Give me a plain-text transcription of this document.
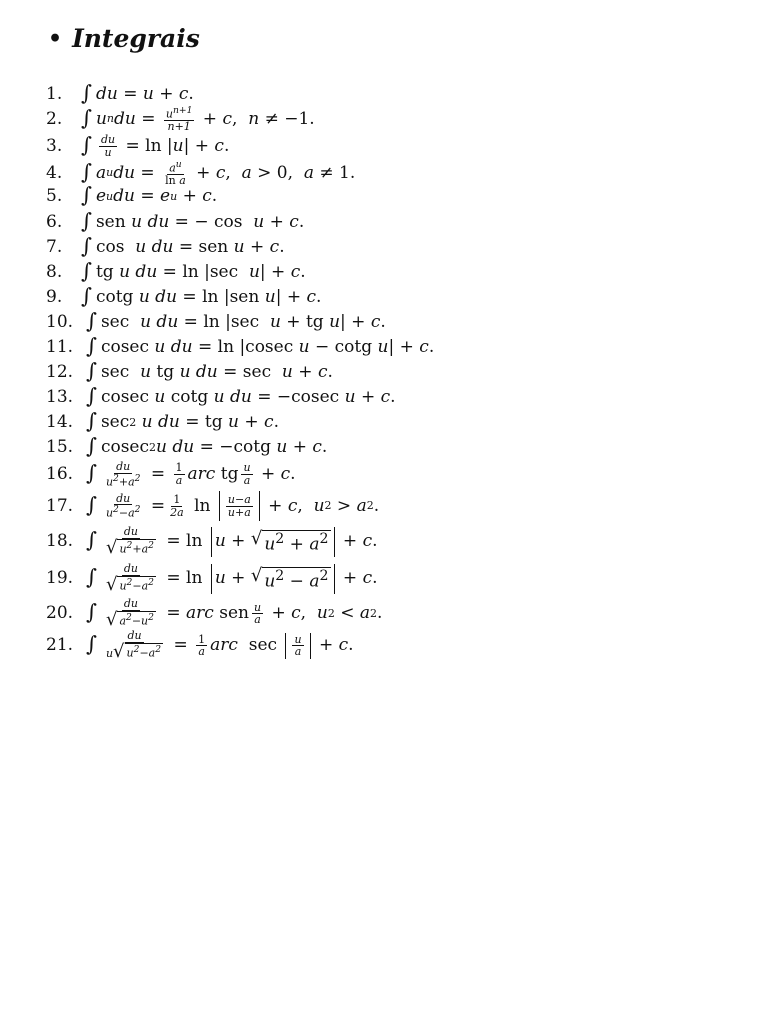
• Integrais
1. ∫ du = u + c .
2. ∫ u n du = $\frac{u^{n+1}}{n+1} + c$ , n ≠ −1.
3. ∫ $\frac{du}{u} = \ln$ | u | + c .
4. ∫ a u du = $\frac{a^u}{\text{ln a}} + c$ , a > 0, a ≠ 1.
5. ∫ e u du = e u + c .
6. ∫ sen u du = − cos u + c .
7. ∫ cos u du = sen u + c .
8. ∫ tg u du = ln |sec u | + c .
9. ∫ cotg u du = ln |sen u | + c .
10. ∫ sec u du = ln |sec u + tg u | + c .
11. ∫ cosec u du = ln |cosec u − cotg u | + c .
12. ∫ sec u tg u du = sec u + c .
13. ∫ cosec u cotg u du = −cosec u + c .
14. ∫ sec 2
u du = tg u + c .
15. ∫ cosec 2 u du = −cotg u + c .
16. ∫ $\frac{du}{u^2+a^2} = \frac{1}{a}$ arc tg $\frac{u}{a} + c$ .
17. ∫ $\frac{du}{u^2-a^2} = \frac{1}{2a}$ $\ln \frac{u-a}{u+a} + c$ , u 2 > a 2 .
18. ∫ $\frac{du}{√ u^2+a^2} = \ln u$ + √ $u^2 + a^2 + c$ .
19. ∫ $\frac{du}{√ u^2-a^2} = \ln u$ + √ $u^2 - a^2 + c$ .
20. ∫ $\frac{du}{√ a^2-u^2}$ = arc sen $\frac{u}{a} + c$ , u 2 < a 2 .
21. ∫ $\frac{du}{u √ u^2-a^2} = \frac{1}{a}$ arc $\sec \frac{u}{a} + c$ .
